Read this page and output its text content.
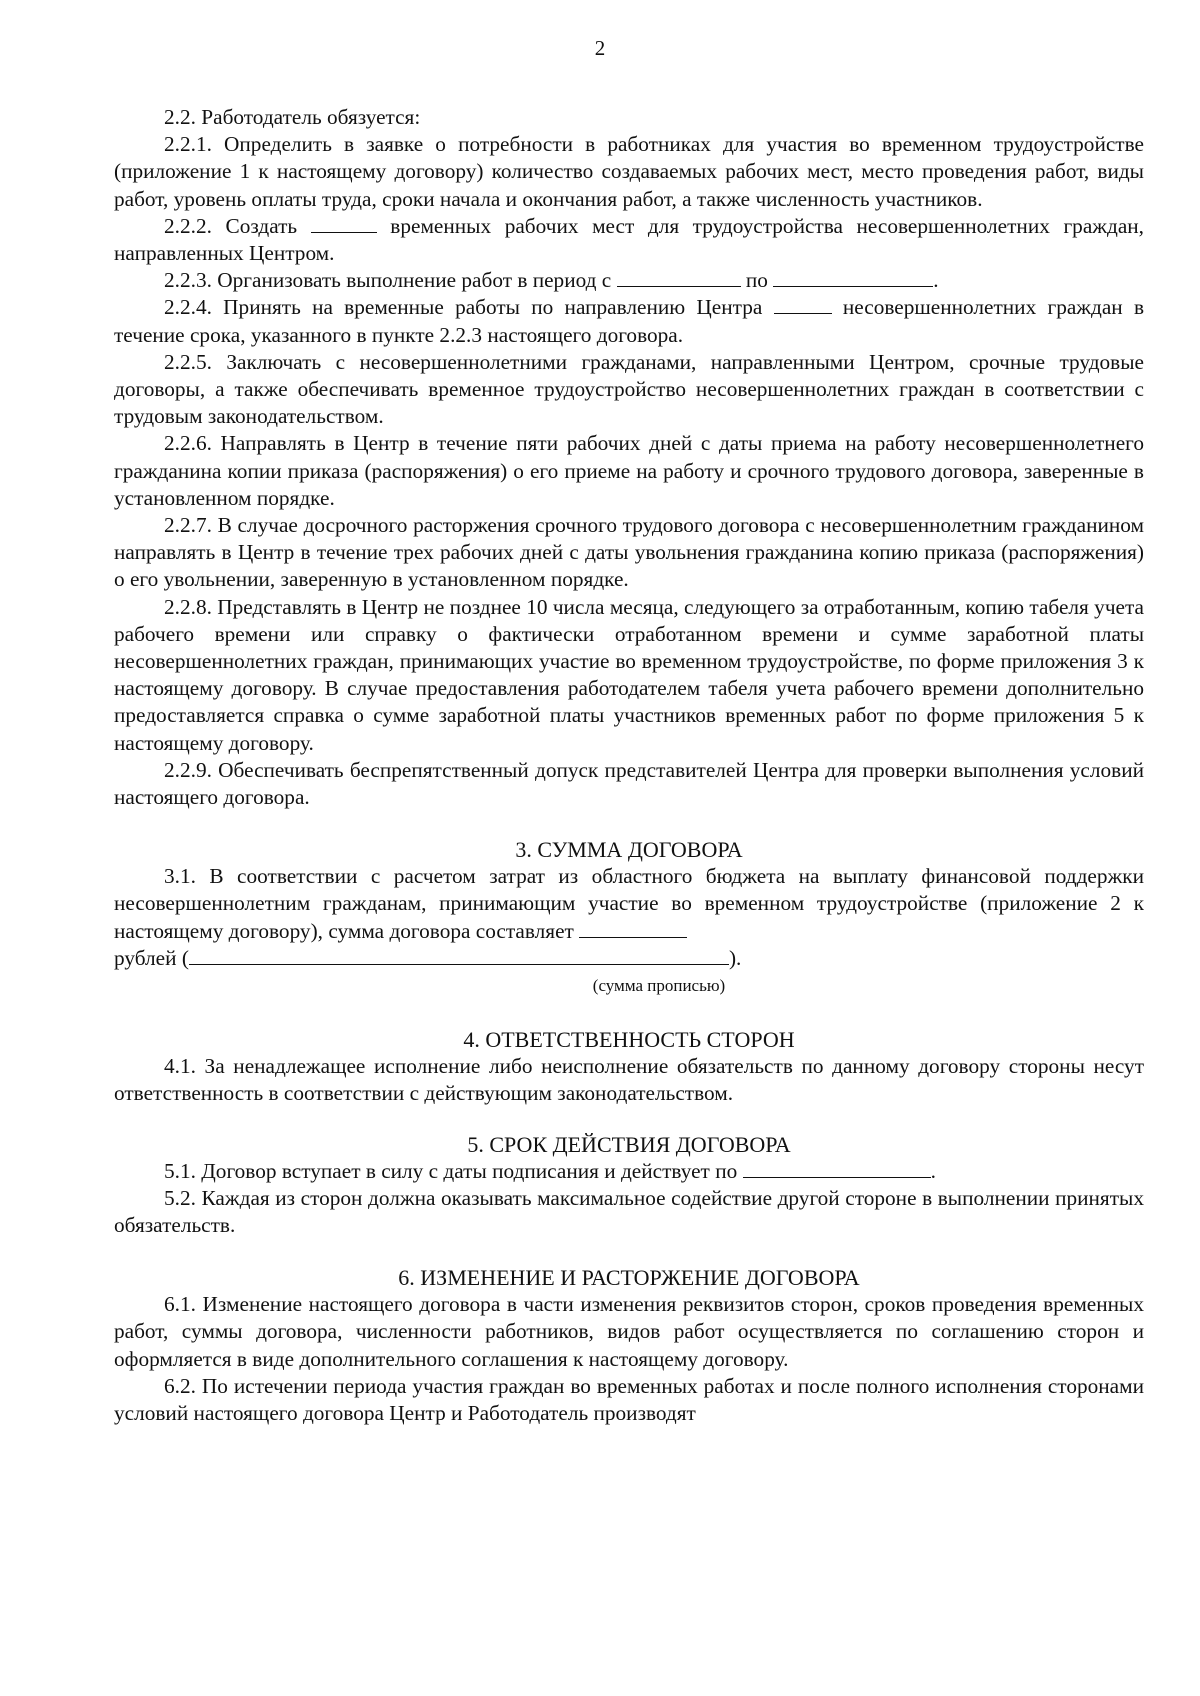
2

2.2. Работодатель обязуется:

2.2.1. Определить в заявке о потребности в работниках для участия во временном трудоустройстве (приложение 1 к настоящему договору) количество создаваемых рабочих мест, место проведения работ, виды работ, уровень оплаты труда, сроки начала и окончания работ, а также численность участников.

2.2.2. Создать	временных рабочих мест для трудоустройства несовершеннолетних граждан, направленных Центром.

2.2.3. Организовать выполнение работ в период с	по	.

2.2.4. Принять на временные работы по направлению Центра	несовершеннолетних граждан в течение срока, указанного в пункте 2.2.3 настоящего договора.

2.2.5. Заключать с несовершеннолетними гражданами, направленными Центром, срочные трудовые договоры, а также обеспечивать временное трудоустройство несовершеннолетних граждан в соответствии с трудовым законодательством.

2.2.6. Направлять в Центр в течение пяти рабочих дней с даты приема на работу несовершеннолетнего гражданина копии приказа (распоряжения) о его приеме на работу и срочного трудового договора, заверенные в установленном порядке.

2.2.7. В случае досрочного расторжения срочного трудового договора с несовершеннолетним гражданином направлять в Центр в течение трех рабочих дней с даты увольнения гражданина копию приказа (распоряжения) о его увольнении, заверенную в установленном порядке.

2.2.8. Представлять в Центр не позднее 10 числа месяца, следующего за отработанным, копию табеля учета рабочего времени или справку о фактически отработанном времени и сумме заработной платы несовершеннолетних граждан, принимающих участие во временном трудоустройстве, по форме приложения 3 к настоящему договору. В случае предоставления работодателем табеля учета рабочего времени дополнительно предоставляется справка о сумме заработной платы участников временных работ по форме приложения 5 к настоящему договору.

2.2.9. Обеспечивать беспрепятственный допуск представителей Центра для проверки выполнения условий настоящего договора.

3. СУММА ДОГОВОРА

3.1. В соответствии с расчетом затрат из областного бюджета на выплату финансовой поддержки несовершеннолетним гражданам, принимающим участие во временном трудоустройстве (приложение 2 к настоящему договору), сумма договора составляет

рублей (	).

(сумма прописью)
4. ОТВЕТСТВЕННОСТЬ СТОРОН

4.1. За ненадлежащее исполнение либо неисполнение обязательств по данному договору стороны несут ответственность в соответствии с действующим законодательством.

5. СРОК ДЕЙСТВИЯ ДОГОВОРА

5.1. Договор вступает в силу с даты подписания и действует по	.

5.2. Каждая из сторон должна оказывать максимальное содействие другой стороне в выполнении принятых обязательств.

6. ИЗМЕНЕНИЕ И РАСТОРЖЕНИЕ ДОГОВОРА

6.1. Изменение настоящего договора в части изменения реквизитов сторон, сроков проведения временных работ, суммы договора, численности работников, видов работ осуществляется по соглашению сторон и оформляется в виде дополнительного соглашения к настоящему договору.

6.2. По истечении периода участия граждан во временных работах и после полного исполнения сторонами условий настоящего договора Центр и Работодатель производят
